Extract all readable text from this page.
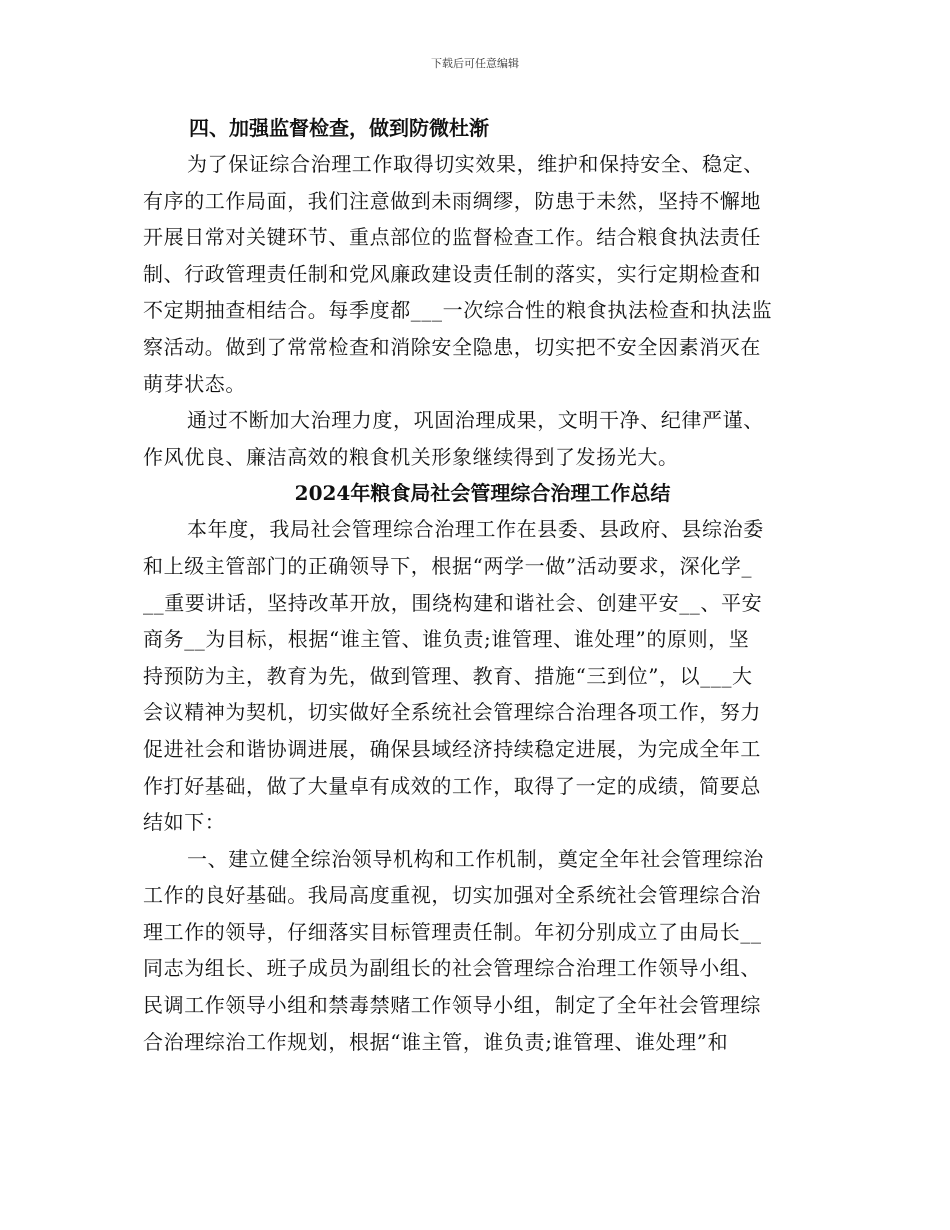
下载后可任意编辑

四、加强监督检查，做到防微杜渐

为了保证综合治理工作取得切实效果，维护和保持安全、稳定、
有序的工作局面，我们注意做到未雨绸缪，防患于未然，坚持不懈地
开展日常对关键环节、重点部位的监督检查工作。结合粮食执法责任
制、行政管理责任制和党风廉政建设责任制的落实，实行定期检查和
不定期抽查相结合。每季度都___一次综合性的粮食执法检查和执法监
察活动。做到了常常检查和消除安全隐患，切实把不安全因素消灭在
萌芽状态。

通过不断加大治理力度，巩固治理成果，文明干净、纪律严谨、
作风优良、廉洁高效的粮食机关形象继续得到了发扬光大。

2024年粮食局社会管理综合治理工作总结

本年度，我局社会管理综合治理工作在县委、县政府、县综治委
和上级主管部门的正确领导下，根据“两学一做”活动要求，深化学_
__重要讲话，坚持改革开放，围绕构建和谐社会、创建平安__、平安
商务__为目标，根据“谁主管、谁负责;谁管理、谁处理”的原则，坚
持预防为主，教育为先，做到管理、教育、措施“三到位”，以___大
会议精神为契机，切实做好全系统社会管理综合治理各项工作，努力
促进社会和谐协调进展，确保县域经济持续稳定进展，为完成全年工
作打好基础，做了大量卓有成效的工作，取得了一定的成绩，简要总
结如下：

一、建立健全综治领导机构和工作机制，奠定全年社会管理综治
工作的良好基础。我局高度重视，切实加强对全系统社会管理综合治
理工作的领导，仔细落实目标管理责任制。年初分别成立了由局长__
同志为组长、班子成员为副组长的社会管理综合治理工作领导小组、
民调工作领导小组和禁毒禁赌工作领导小组，制定了全年社会管理综
合治理综治工作规划，根据“谁主管，谁负责;谁管理、谁处理”和
